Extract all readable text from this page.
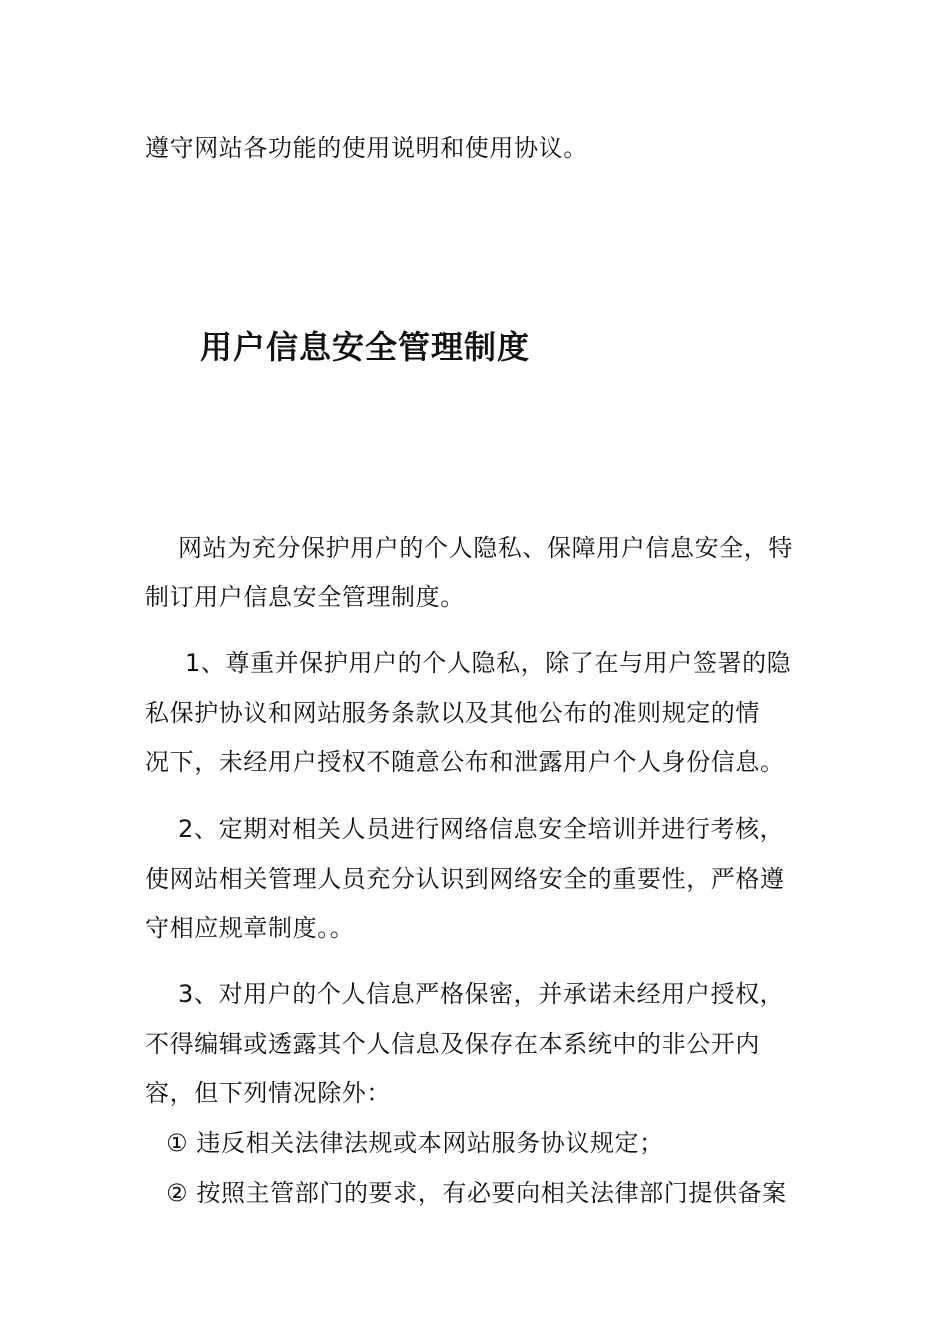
遵守网站各功能的使用说明和使用协议。
用户信息安全管理制度
网站为充分保护用户的个人隐私、保障用户信息安全，特
制订用户信息安全管理制度。
1、尊重并保护用户的个人隐私，除了在与用户签署的隐
私保护协议和网站服务条款以及其他公布的准则规定的情
况下，未经用户授权不随意公布和泄露用户个人身份信息。
2、定期对相关人员进行网络信息安全培训并进行考核，
使网站相关管理人员充分认识到网络安全的重要性，严格遵
守相应规章制度。。
3、对用户的个人信息严格保密，并承诺未经用户授权，
不得编辑或透露其个人信息及保存在本系统中的非公开内
容，但下列情况除外：
① 违反相关法律法规或本网站服务协议规定；
② 按照主管部门的要求，有必要向相关法律部门提供备案
